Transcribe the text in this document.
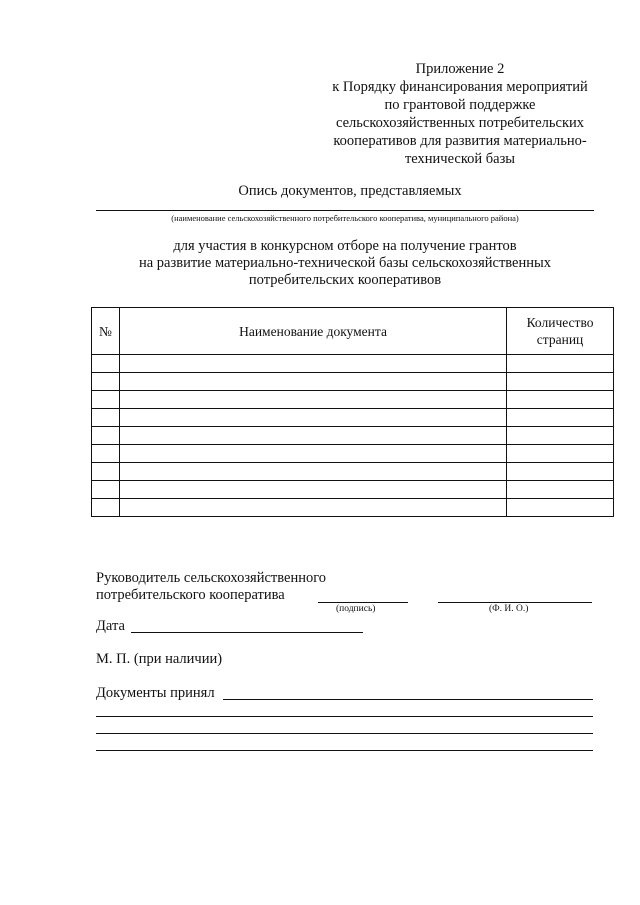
Приложение 2
к Порядку финансирования мероприятий
по грантовой поддержке
сельскохозяйственных потребительских
кооперативов для развития материально-
технической базы
Опись документов, представляемых
(наименование сельскохозяйственного потребительского кооператива, муниципального района)
для участия в конкурсном отборе на получение грантов
на развитие материально-технической базы сельскохозяйственных
потребительских кооперативов
№	Наименование документа	Количество
страниц

Руководитель сельскохозяйственного
потребительского кооператива
(подпись)	(Ф. И. О.)
Дата
М. П. (при наличии)
Документы принял
